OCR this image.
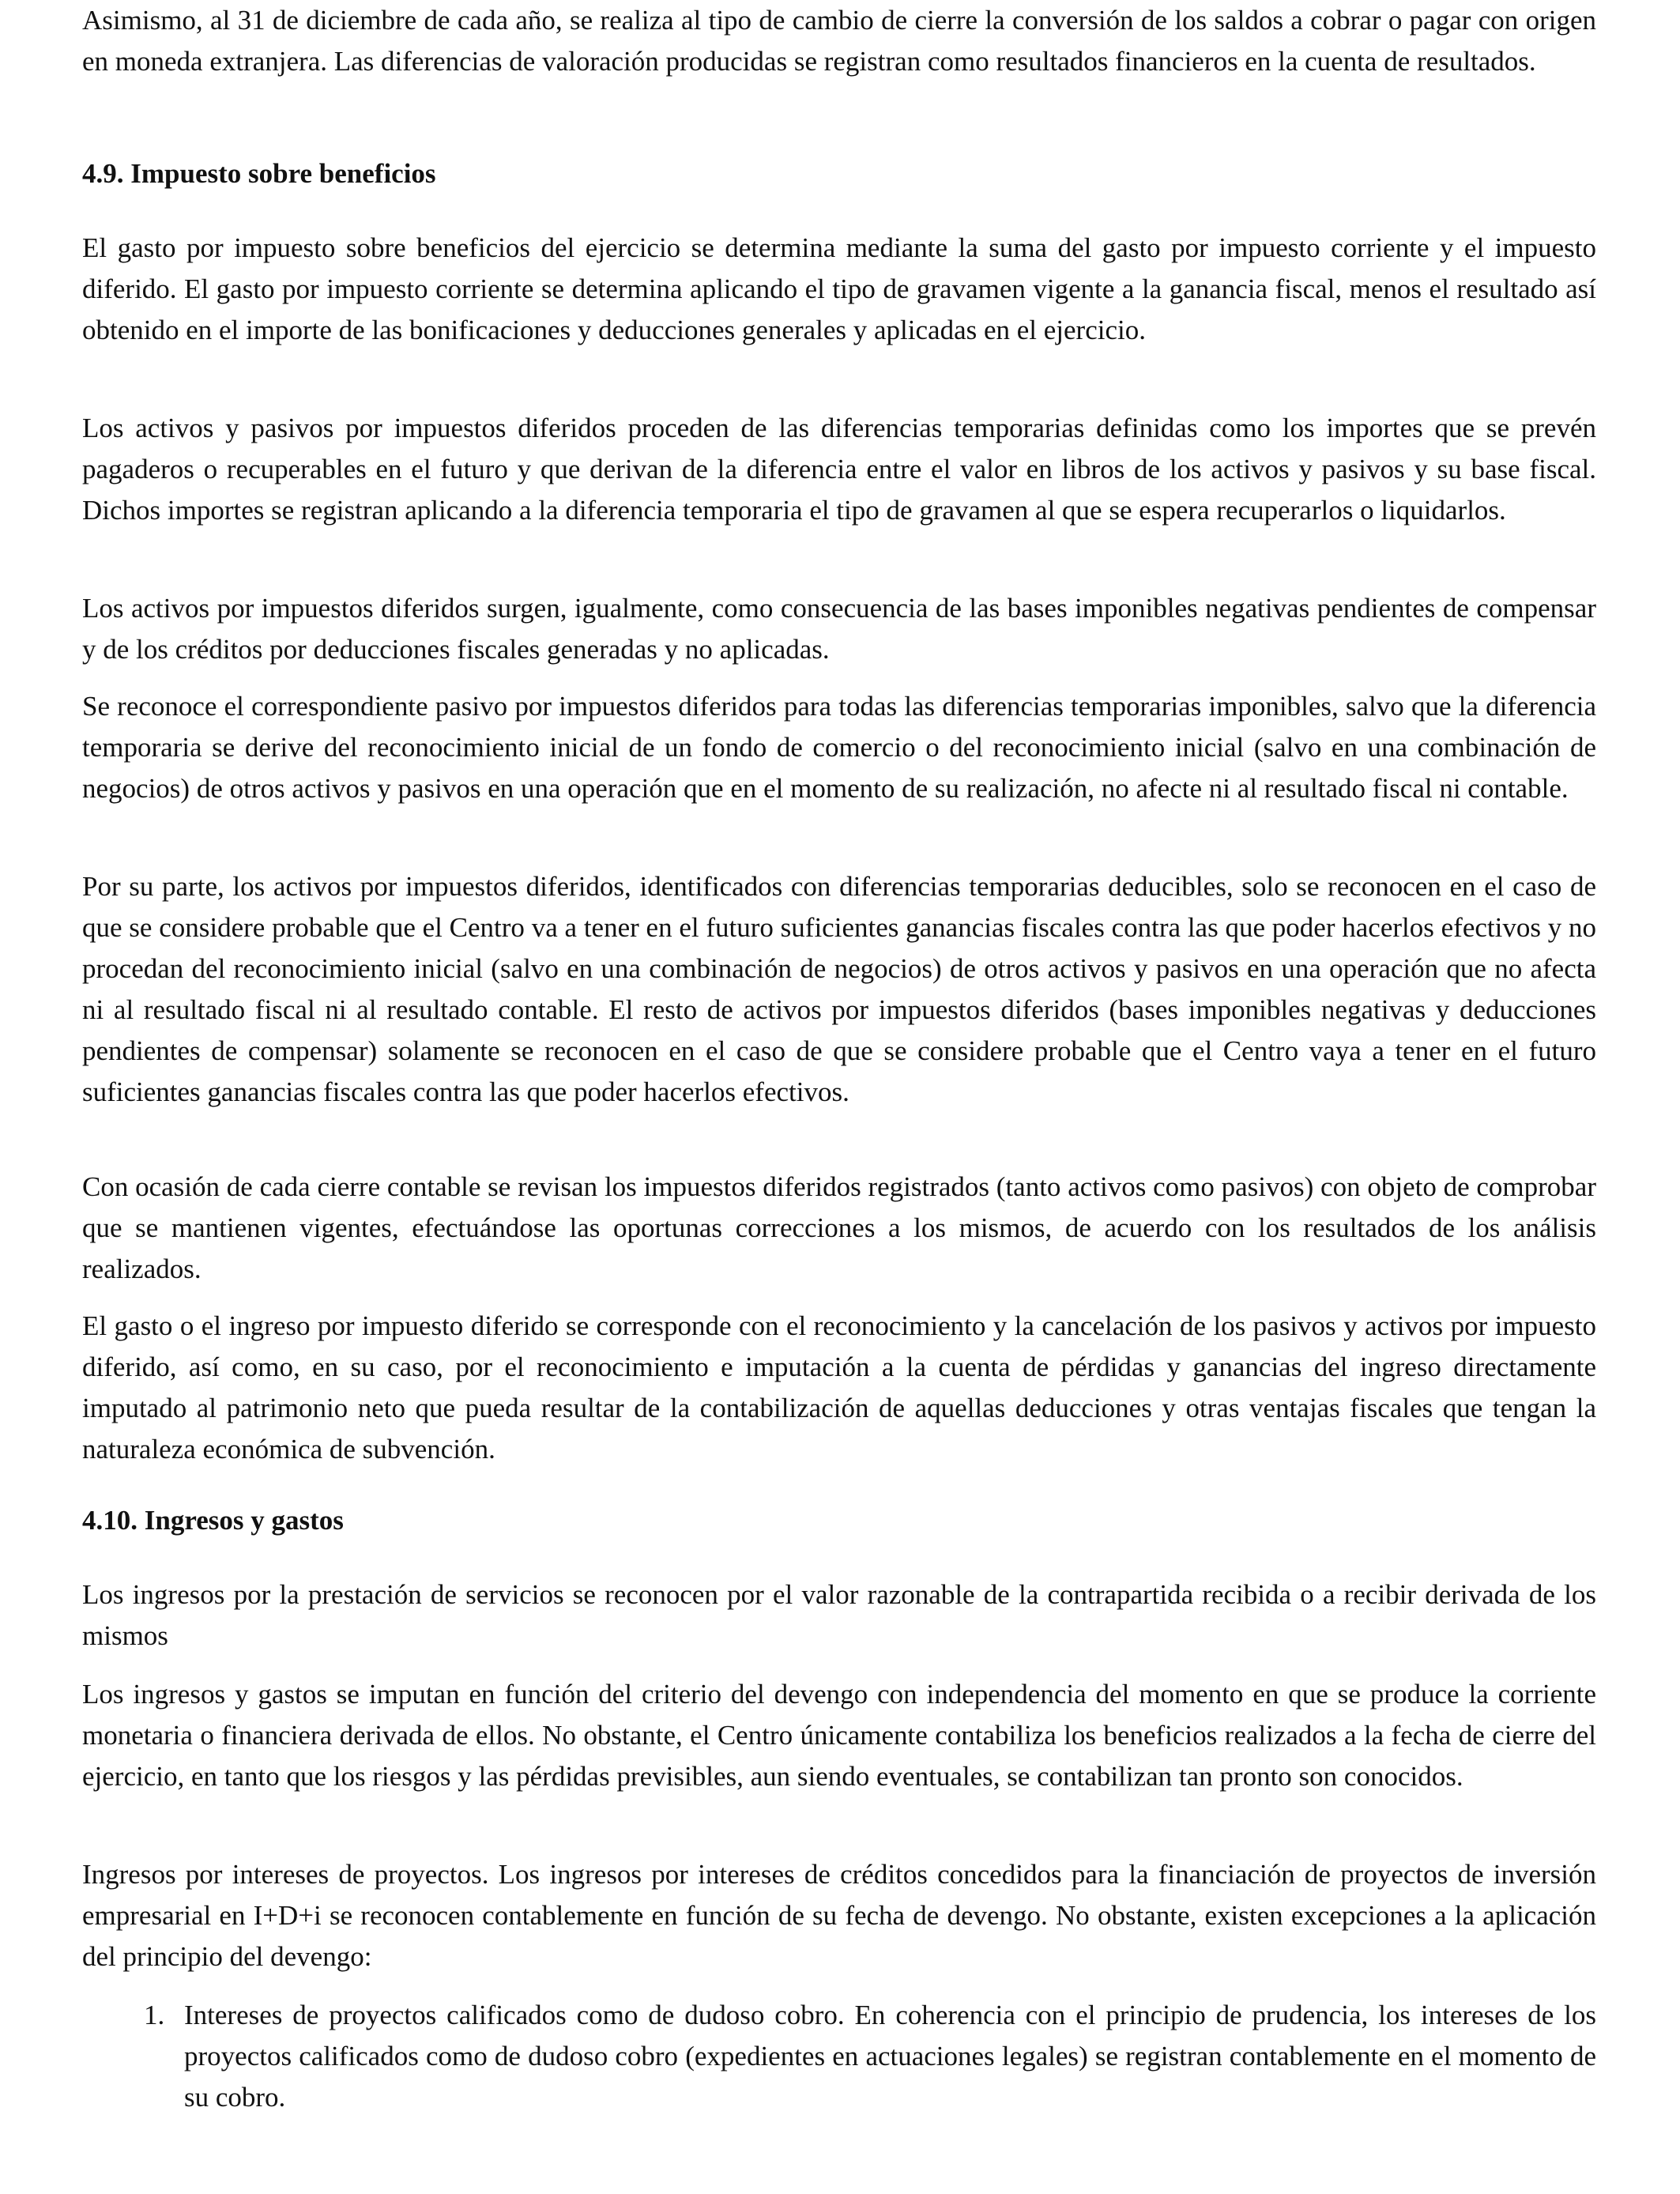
Asimismo, al 31 de diciembre de cada año, se realiza al tipo de cambio de cierre la conversión de los saldos a cobrar o pagar con origen en moneda extranjera. Las diferencias de valoración producidas se registran como resultados financieros en la cuenta de resultados.

4.9. Impuesto sobre beneficios

El gasto por impuesto sobre beneficios del ejercicio se determina mediante la suma del gasto por impuesto corriente y el impuesto diferido. El gasto por impuesto corriente se determina aplicando el tipo de gravamen vigente a la ganancia fiscal, menos el resultado así obtenido en el importe de las bonificaciones y deducciones generales y aplicadas en el ejercicio.

Los activos y pasivos por impuestos diferidos proceden de las diferencias temporarias definidas como los importes que se prevén pagaderos o recuperables en el futuro y que derivan de la diferencia entre el valor en libros de los activos y pasivos y su base fiscal. Dichos importes se registran aplicando a la diferencia temporaria el tipo de gravamen al que se espera recuperarlos o liquidarlos.

Los activos por impuestos diferidos surgen, igualmente, como consecuencia de las bases imponibles negativas pendientes de compensar y de los créditos por deducciones fiscales generadas y no aplicadas.

Se reconoce el correspondiente pasivo por impuestos diferidos para todas las diferencias temporarias imponibles, salvo que la diferencia temporaria se derive del reconocimiento inicial de un fondo de comercio o del reconocimiento inicial (salvo en una combinación de negocios) de otros activos y pasivos en una operación que en el momento de su realización, no afecte ni al resultado fiscal ni contable.

Por su parte, los activos por impuestos diferidos, identificados con diferencias temporarias deducibles, solo se reconocen en el caso de que se considere probable que el Centro va a tener en el futuro suficientes ganancias fiscales contra las que poder hacerlos efectivos y no procedan del reconocimiento inicial (salvo en una combinación de negocios) de otros activos y pasivos en una operación que no afecta ni al resultado fiscal ni al resultado contable. El resto de activos por impuestos diferidos (bases imponibles negativas y deducciones pendientes de compensar) solamente se reconocen en el caso de que se considere probable que el Centro vaya a tener en el futuro suficientes ganancias fiscales contra las que poder hacerlos efectivos.

Con ocasión de cada cierre contable se revisan los impuestos diferidos registrados (tanto activos como pasivos) con objeto de comprobar que se mantienen vigentes, efectuándose las oportunas correcciones a los mismos, de acuerdo con los resultados de los análisis realizados.

El gasto o el ingreso por impuesto diferido se corresponde con el reconocimiento y la cancelación de los pasivos y activos por impuesto diferido, así como, en su caso, por el reconocimiento e imputación a la cuenta de pérdidas y ganancias del ingreso directamente imputado al patrimonio neto que pueda resultar de la contabilización de aquellas deducciones y otras ventajas fiscales que tengan la naturaleza económica de subvención.

4.10. Ingresos y gastos

Los ingresos por la prestación de servicios se reconocen por el valor razonable de la contrapartida recibida o a recibir derivada de los mismos

Los ingresos y gastos se imputan en función del criterio del devengo con independencia del momento en que se produce la corriente monetaria o financiera derivada de ellos. No obstante, el Centro únicamente contabiliza los beneficios realizados a la fecha de cierre del ejercicio, en tanto que los riesgos y las pérdidas previsibles, aun siendo eventuales, se contabilizan tan pronto son conocidos.

Ingresos por intereses de proyectos. Los ingresos por intereses de créditos concedidos para la financiación de proyectos de inversión empresarial en I+D+i se reconocen contablemente en función de su fecha de devengo. No obstante, existen excepciones a la aplicación del principio del devengo:

1. Intereses de proyectos calificados como de dudoso cobro. En coherencia con el principio de prudencia, los intereses de los proyectos calificados como de dudoso cobro (expedientes en actuaciones legales) se registran contablemente en el momento de su cobro.
